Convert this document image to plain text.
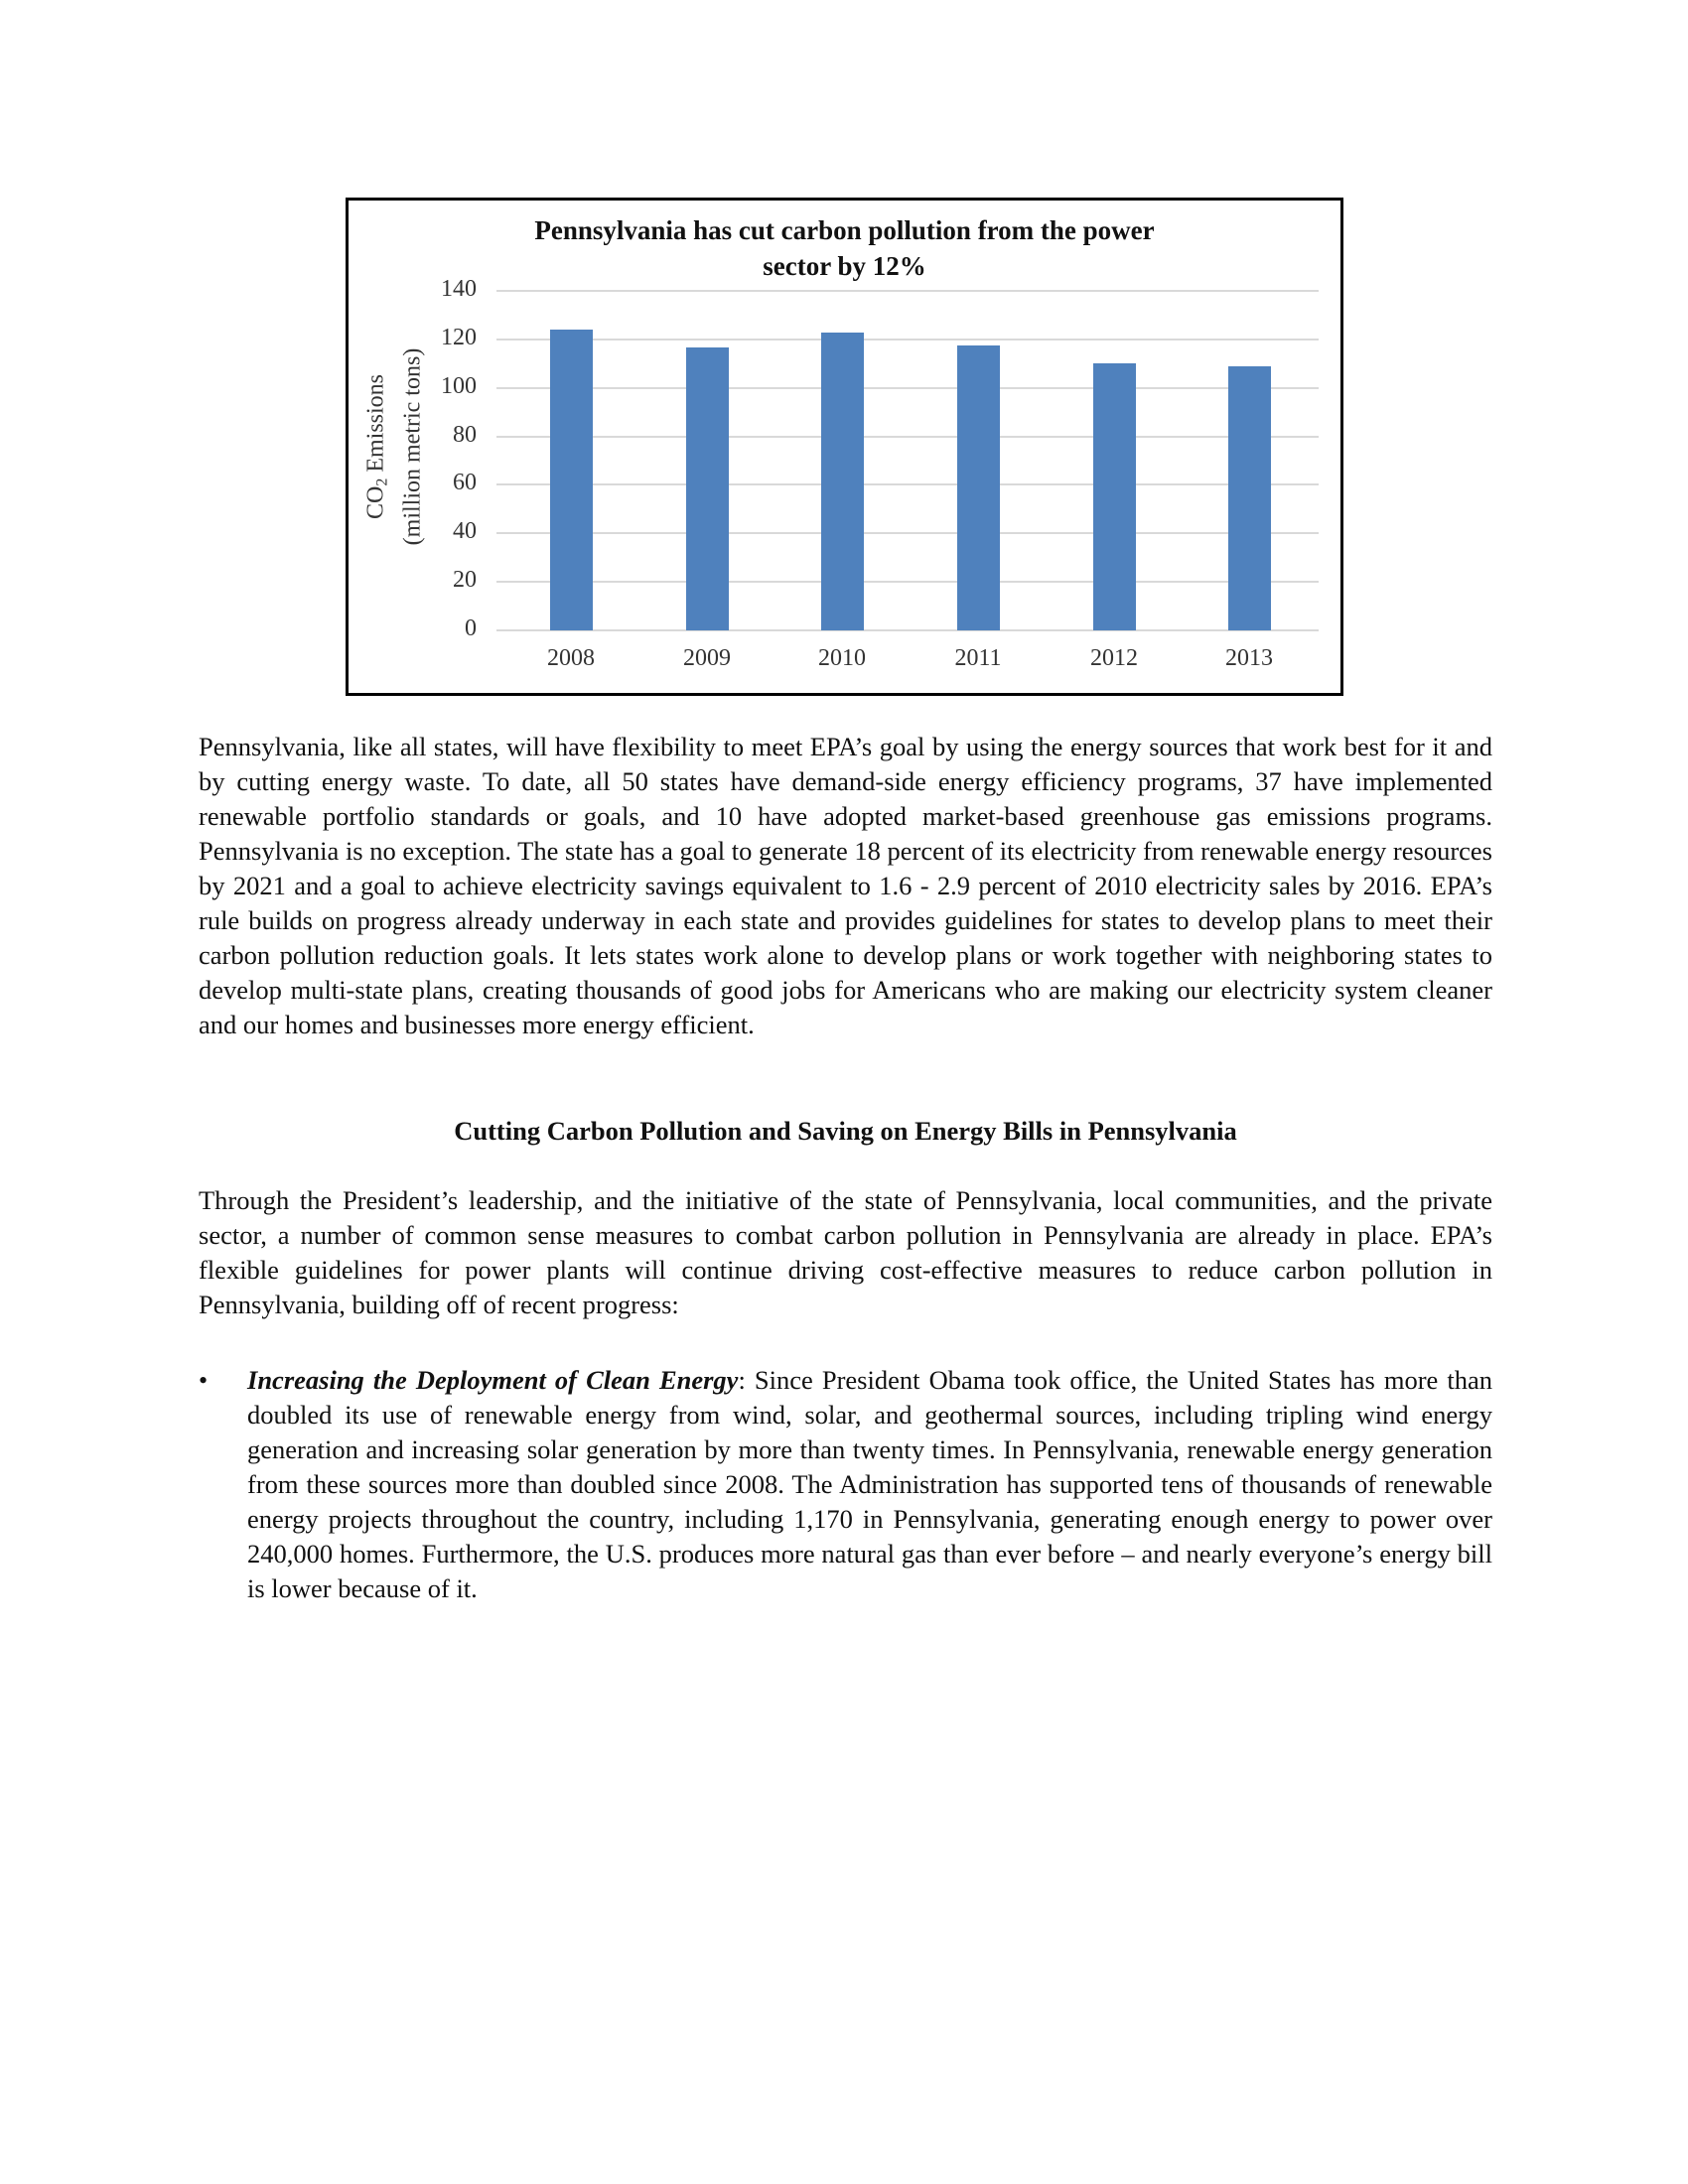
Pennsylvania has cut carbon pollution from the power
sector by 12%
$CO_2$ Emissions (million metric tons)
0
20
40
60
80
100
120
140
2008	2009	2010	2011	2012	2013
Pennsylvania, like all states, will have flexibility to meet EPA’s goal by using the energy sources that work best for it and by cutting energy waste. To date, all 50 states have demand-side energy efficiency programs, 37 have implemented renewable portfolio standards or goals, and 10 have adopted market-based greenhouse gas emissions programs. Pennsylvania is no exception. The state has a goal to generate 18 percent of its electricity from renewable energy resources by 2021 and a goal to achieve electricity savings equivalent to 1.6 - 2.9 percent of 2010 electricity sales by 2016. EPA’s rule builds on progress already underway in each state and provides guidelines for states to develop plans to meet their carbon pollution reduction goals. It lets states work alone to develop plans or work together with neighboring states to develop multi-state plans, creating thousands of good jobs for Americans who are making our electricity system cleaner and our homes and businesses more energy efficient.
Cutting Carbon Pollution and Saving on Energy Bills in Pennsylvania
Through the President’s leadership, and the initiative of the state of Pennsylvania, local communities, and the private sector, a number of common sense measures to combat carbon pollution in Pennsylvania are already in place. EPA’s flexible guidelines for power plants will continue driving cost-effective measures to reduce carbon pollution in Pennsylvania, building off of recent progress:
• Increasing the Deployment of Clean Energy: Since President Obama took office, the United States has more than doubled its use of renewable energy from wind, solar, and geothermal sources, including tripling wind energy generation and increasing solar generation by more than twenty times. In Pennsylvania, renewable energy generation from these sources more than doubled since 2008. The Administration has supported tens of thousands of renewable energy projects throughout the country, including 1,170 in Pennsylvania, generating enough energy to power over 240,000 homes. Furthermore, the U.S. produces more natural gas than ever before – and nearly everyone’s energy bill is lower because of it.
